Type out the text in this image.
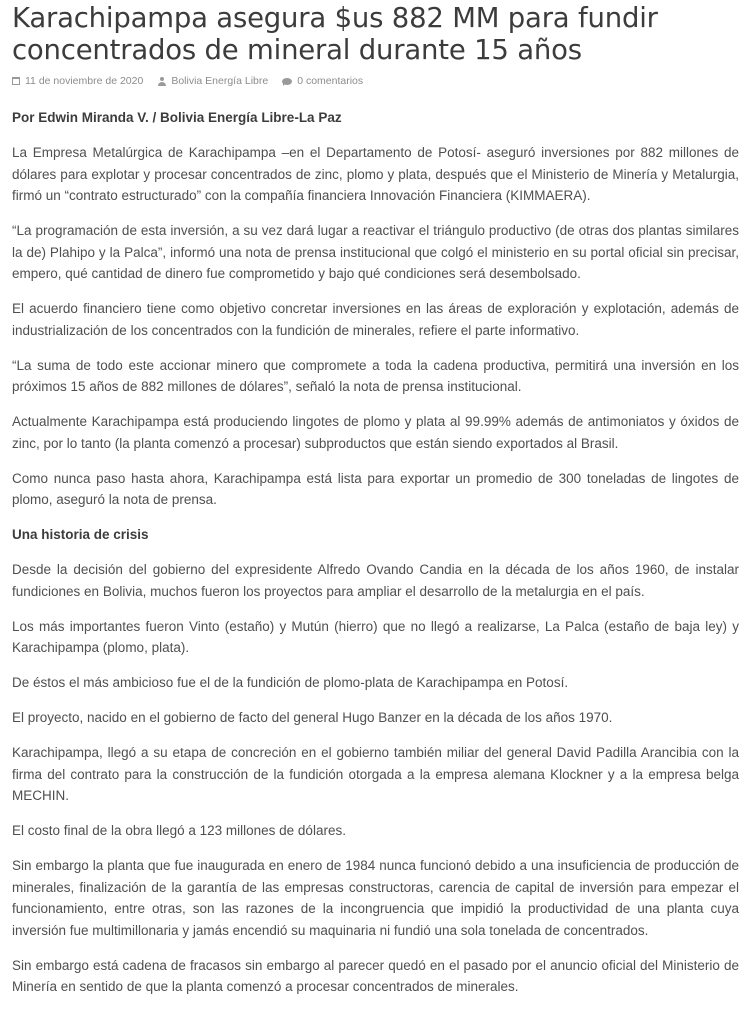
Karachipampa asegura $us 882 MM para fundir concentrados de mineral durante 15 años
11 de noviembre de 2020	Bolivia Energía Libre	0 comentarios

Por Edwin Miranda V. / Bolivia Energía Libre-La Paz

La Empresa Metalúrgica de Karachipampa –en el Departamento de Potosí- aseguró inversiones por 882 millones de dólares para explotar y procesar concentrados de zinc, plomo y plata, después que el Ministerio de Minería y Metalurgia, firmó un “contrato estructurado” con la compañía financiera Innovación Financiera (KIMMAERA).

“La programación de esta inversión, a su vez dará lugar a reactivar el triángulo productivo (de otras dos plantas similares la de) Plahipo y la Palca”, informó una nota de prensa institucional que colgó el ministerio en su portal oficial sin precisar, empero, qué cantidad de dinero fue comprometido y bajo qué condiciones será desembolsado.

El acuerdo financiero tiene como objetivo concretar inversiones en las áreas de exploración y explotación, además de industrialización de los concentrados con la fundición de minerales, refiere el parte informativo.

“La suma de todo este accionar minero que compromete a toda la cadena productiva, permitirá una inversión en los próximos 15 años de 882 millones de dólares”, señaló la nota de prensa institucional.

Actualmente Karachipampa está produciendo lingotes de plomo y plata al 99.99% además de antimoniatos y óxidos de zinc, por lo tanto (la planta comenzó a procesar) subproductos que están siendo exportados al Brasil.

Como nunca paso hasta ahora, Karachipampa está lista para exportar un promedio de 300 toneladas de lingotes de plomo, aseguró la nota de prensa.

Una historia de crisis

Desde la decisión del gobierno del expresidente Alfredo Ovando Candia en la década de los años 1960, de instalar fundiciones en Bolivia, muchos fueron los proyectos para ampliar el desarrollo de la metalurgia en el país.

Los más importantes fueron Vinto (estaño) y Mutún (hierro) que no llegó a realizarse, La Palca (estaño de baja ley) y Karachipampa (plomo, plata).

De éstos el más ambicioso fue el de la fundición de plomo-plata de Karachipampa en Potosí.

El proyecto, nacido en el gobierno de facto del general Hugo Banzer en la década de los años 1970.

Karachipampa, llegó a su etapa de concreción en el gobierno también miliar del general David Padilla Arancibia con la firma del contrato para la construcción de la fundición otorgada a la empresa alemana Klockner y a la empresa belga MECHIN.

El costo final de la obra llegó a 123 millones de dólares.

Sin embargo la planta que fue inaugurada en enero de 1984 nunca funcionó debido a una insuficiencia de producción de minerales, finalización de la garantía de las empresas constructoras, carencia de capital de inversión para empezar el funcionamiento, entre otras, son las razones de la incongruencia que impidió la productividad de una planta cuya inversión fue multimillonaria y jamás encendió su maquinaria ni fundió una sola tonelada de concentrados.

Sin embargo está cadena de fracasos sin embargo al parecer quedó en el pasado por el anuncio oficial del Ministerio de Minería en sentido de que la planta comenzó a procesar concentrados de minerales.
